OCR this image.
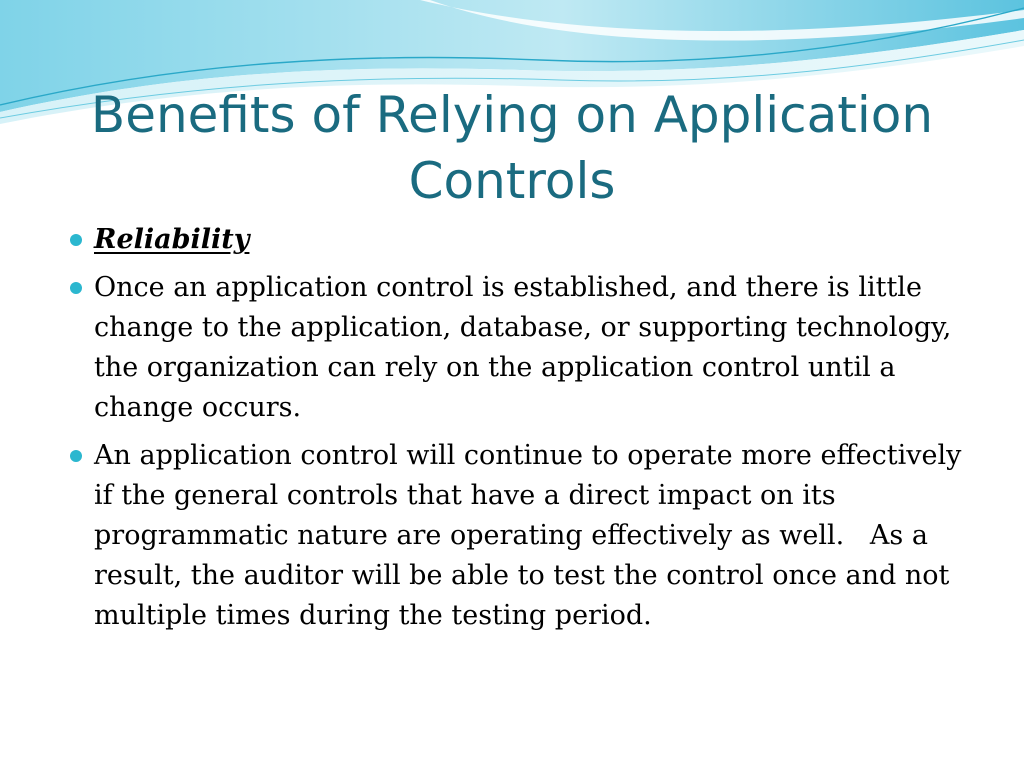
Benefits of Relying on Application Controls
Reliability
Once an application control is established, and there is little change to the application, database, or supporting technology, the organization can rely on the application control until a change occurs.
An application control will continue to operate more effectively if the general controls that have a direct impact on its programmatic nature are operating effectively as well.   As a result, the auditor will be able to test the control once and not multiple times during the testing period.
